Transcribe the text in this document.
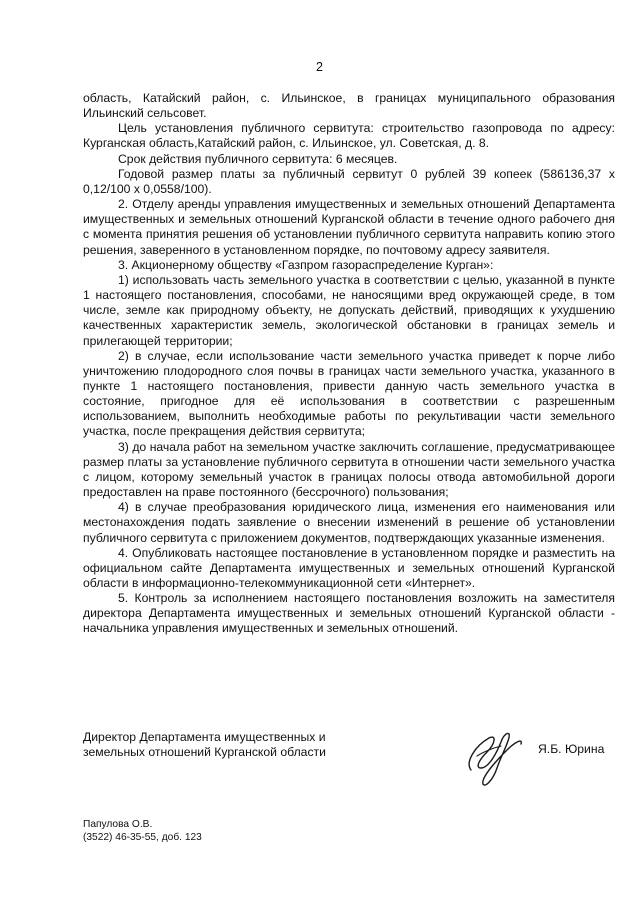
2

область, Катайский район, с. Ильинское, в границах муниципального образования Ильинский сельсовет.

Цель установления публичного сервитута: строительство газопровода по адресу: Курганская область,Катайский район, с. Ильинское, ул. Советская, д. 8.

Срок действия публичного сервитута: 6 месяцев.

Годовой размер платы за публичный сервитут 0 рублей 39 копеек (586136,37 х 0,12/100 х 0,0558/100).

2. Отделу аренды управления имущественных и земельных отношений Департамента имущественных и земельных отношений Курганской области в течение одного рабочего дня с момента принятия решения об установлении публичного сервитута направить копию этого решения, заверенного в установленном порядке, по почтовому адресу заявителя.

3. Акционерному обществу «Газпром газораспределение Курган»:

1) использовать часть земельного участка в соответствии с целью, указанной в пункте 1 настоящего постановления, способами, не наносящими вред окружающей среде, в том числе, земле как природному объекту, не допускать действий, приводящих к ухудшению качественных характеристик земель, экологической обстановки в границах земель и прилегающей территории;

2) в случае, если использование части земельного участка приведет к порче либо уничтожению плодородного слоя почвы в границах части земельного участка, указанного в пункте 1 настоящего постановления, привести данную часть земельного участка в состояние, пригодное для её использования в соответствии с разрешенным использованием, выполнить необходимые работы по рекультивации части земельного участка, после прекращения действия сервитута;

3) до начала работ на земельном участке заключить соглашение, предусматривающее размер платы за установление публичного сервитута в отношении части земельного участка с лицом, которому земельный участок в границах полосы отвода автомобильной дороги предоставлен на праве постоянного (бессрочного) пользования;

4) в случае преобразования юридического лица, изменения его наименования или местонахождения подать заявление о внесении изменений в решение об установлении публичного сервитута с приложением документов, подтверждающих указанные изменения.

4. Опубликовать настоящее постановление в установленном порядке и разместить на официальном сайте Департамента имущественных и земельных отношений Курганской области в информационно-телекоммуникационной сети «Интернет».

5. Контроль за исполнением настоящего постановления возложить на заместителя директора Департамента имущественных и земельных отношений Курганской области - начальника управления имущественных и земельных отношений.

Директор Департамента имущественных и
земельных отношений Курганской области	Я.Б. Юрина
Папулова О.В.
(3522) 46-35-55, доб. 123
